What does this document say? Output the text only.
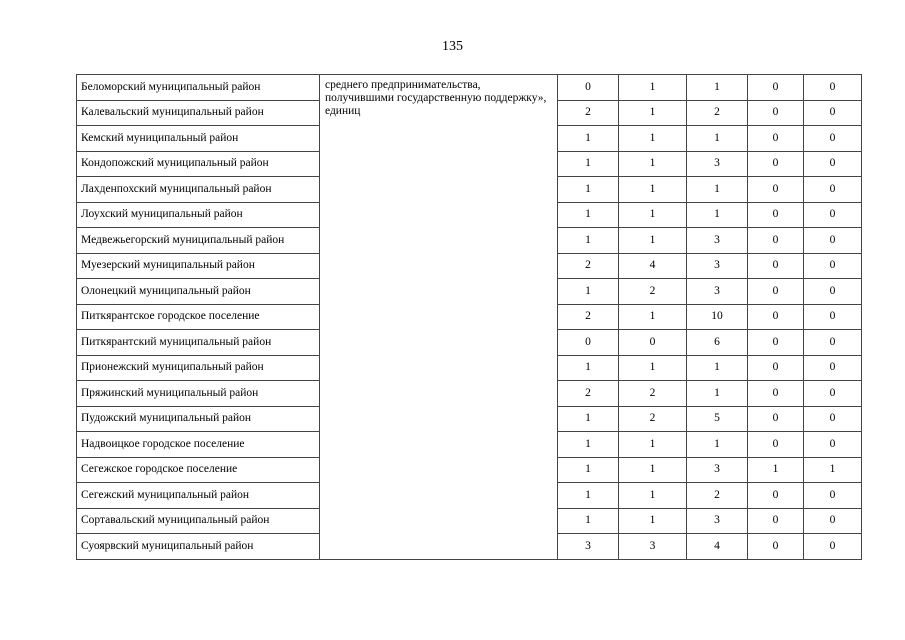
135
Беломорский муниципальный район	среднего предпринимательства, получившими государственную поддержку», единиц	0	1	1	0	0
Калевальский муниципальный район		2	1	2	0	0
Кемский муниципальный район		1	1	1	0	0
Кондопожский муниципальный район		1	1	3	0	0
Лахденпохский муниципальный район		1	1	1	0	0
Лоухский муниципальный район		1	1	1	0	0
Медвежьегорский муниципальный район		1	1	3	0	0
Муезерский муниципальный район		2	4	3	0	0
Олонецкий муниципальный район		1	2	3	0	0
Питкярантское городское поселение		2	1	10	0	0
Питкярантский муниципальный район		0	0	6	0	0
Прионежский муниципальный район		1	1	1	0	0
Пряжинский муниципальный район		2	2	1	0	0
Пудожский муниципальный район		1	2	5	0	0
Надвоицкое городское поселение		1	1	1	0	0
Сегежское городское поселение		1	1	3	1	1
Сегежский муниципальный район		1	1	2	0	0
Сортавальский муниципальный район		1	1	3	0	0
Суоярвский муниципальный район		3	3	4	0	0
